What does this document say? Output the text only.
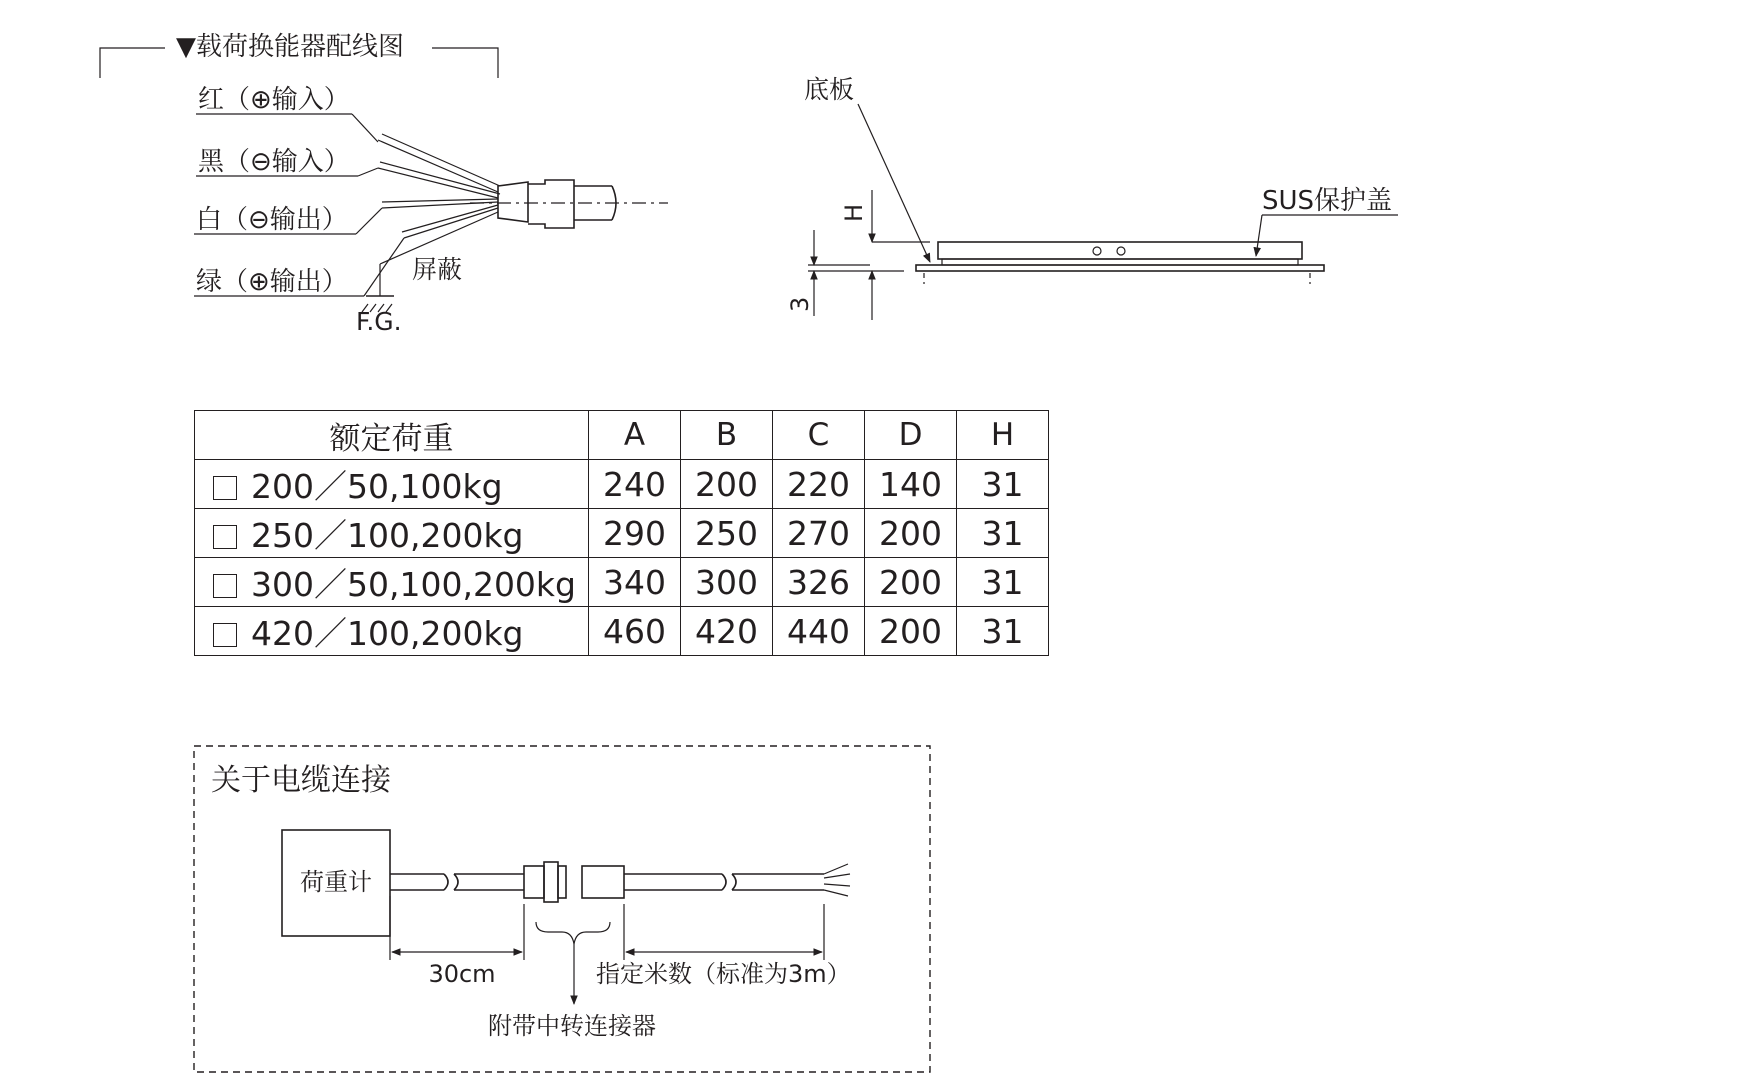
▼载荷换能器配线图
红（⊕输入）
黑（⊖输入）
白（⊖输出）
绿（⊕输出）	屏蔽
F.G.
底板
SUS保护盖
H
3
关于电缆连接
荷重计
30cm	指定米数（标准为3m）
附带中转连接器
额定荷重	A	B	C	D	H
200／50,100kg	240	200	220	140	31
250／100,200kg	290	250	270	200	31
300／50,100,200kg	340	300	326	200	31
420／100,200kg	460	420	440	200	31
